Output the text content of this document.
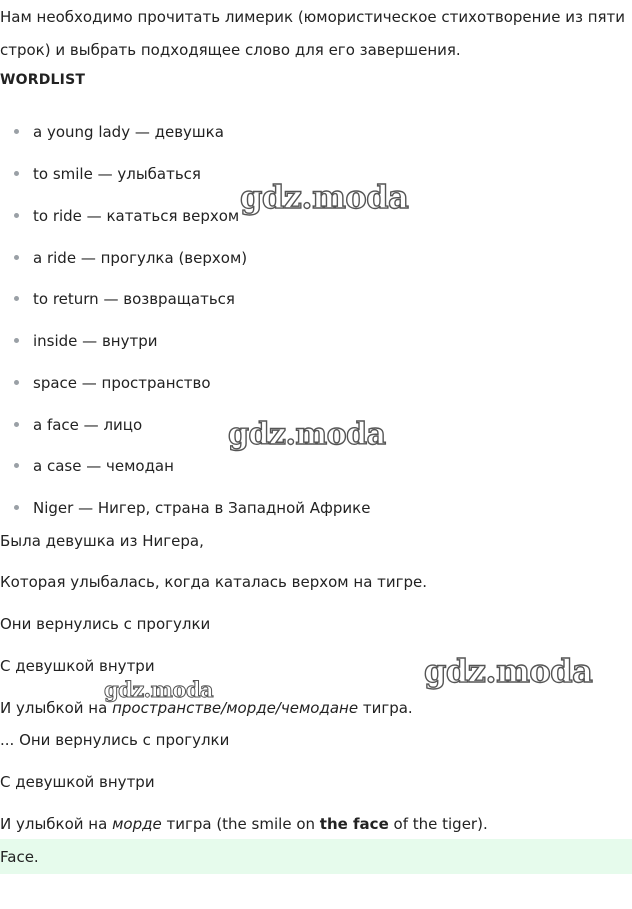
Нам необходимо прочитать лимерик (юмористическое стихотворение из пяти
строк) и выбрать подходящее слово для его завершения.
WORDLIST
a young lady — девушка
to smile — улыбаться
to ride — кататься верхом
a ride — прогулка (верхом)
to return — возвращаться
inside — внутри
space — пространство
a face — лицо
a case — чемодан
Niger — Нигер, страна в Западной Африке
Была девушка из Нигера,
Которая улыбалась, когда каталась верхом на тигре.
Они вернулись с прогулки
С девушкой внутри
И улыбкой на пространстве/морде/чемодане тигра.
... Они вернулись с прогулки
С девушкой внутри
И улыбкой на морде тигра (the smile on the face of the tiger).
Face.
gdz.moda
gdz.moda
gdz.moda
gdz.moda
